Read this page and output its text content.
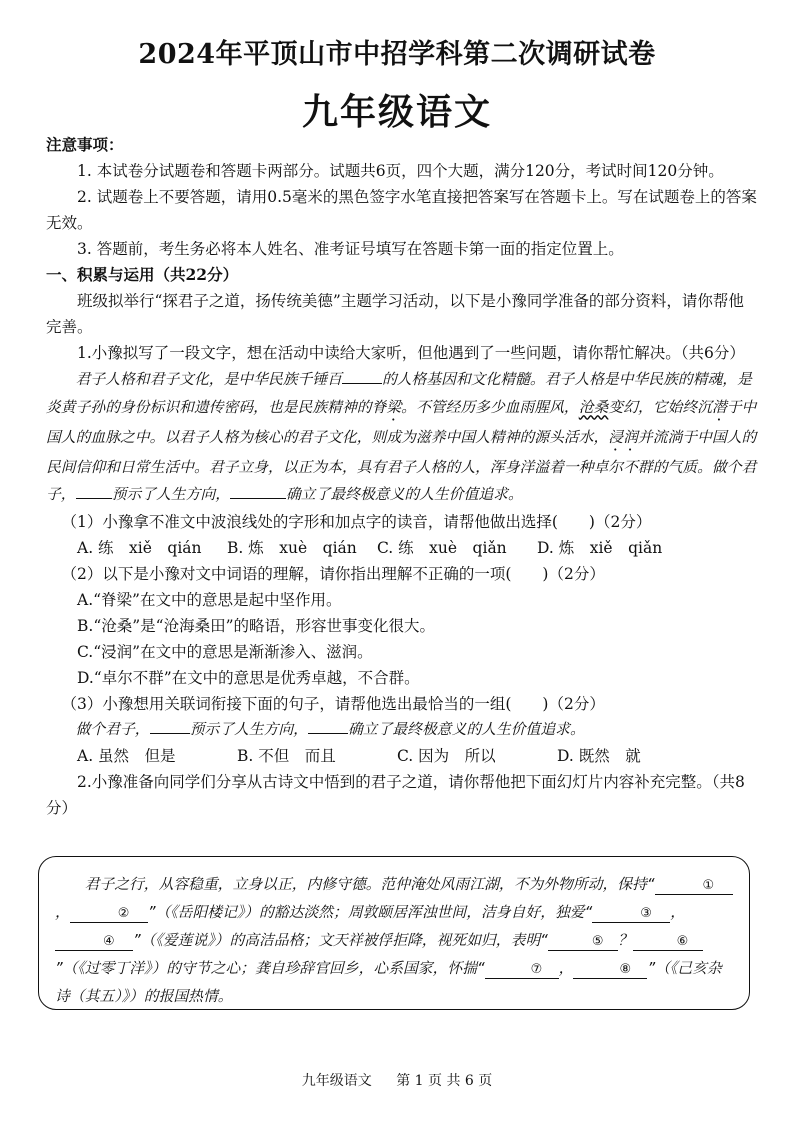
2024年平顶山市中招学科第二次调研试卷
九年级语文

注意事项：

1. 本试卷分试题卷和答题卡两部分。试题共6页，四个大题，满分120分，考试时间120分钟。

2. 试题卷上不要答题，请用0.5毫米的黑色签字水笔直接把答案写在答题卡上。写在试题卷上的答案无效。

3. 答题前，考生务必将本人姓名、准考证号填写在答题卡第一面的指定位置上。

一、积累与运用（共22分）

班级拟举行“探君子之道，扬传统美德”主题学习活动，以下是小豫同学准备的部分资料，请你帮他完善。

1.小豫拟写了一段文字，想在活动中读给大家听，但他遇到了一些问题，请你帮忙解决。（共6分）

君子人格和君子文化，是中华民族千锤百	的人格基因和文化精髓。君子人格是中华民族的精魂，是炎黄子孙的身份标识和遗传密码，也是民族精神的脊梁。不管经历多少血雨腥风，沧桑变幻，它始终沉潜于中国人的血脉之中。以君子人格为核心的君子文化，则成为滋养中国人精神的源头活水，浸润并流淌于中国人的民间信仰和日常生活中。君子立身，以正为本，具有君子人格的人，浑身洋溢着一种卓尔不群的气质。做个君子， 预示了人生方向，	确立了最终极意义的人生价值追求。

（1）小豫拿不准文中波浪线处的字形和加点字的读音，请帮他做出选择(　　)（2分）

A. 练　xiě　qián	B. 炼　xuè　qián	C. 练　xuè　qiǎn	D. 炼　xiě　qiǎn

（2）以下是小豫对文中词语的理解，请你指出理解不正确的一项(　　)（2分）

A.“脊梁”在文中的意思是起中坚作用。

B.“沧桑”是“沧海桑田”的略语，形容世事变化很大。

C.“浸润”在文中的意思是渐渐渗入、滋润。

D.“卓尔不群”在文中的意思是优秀卓越，不合群。

（3）小豫想用关联词衔接下面的句子，请帮他选出最恰当的一组(　　)（2分）

做个君子，	预示了人生方向，	确立了最终极意义的人生价值追求。

A. 虽然　但是	B. 不但　而且	C. 因为　所以	D. 既然　就

2.小豫准备向同学们分享从古诗文中悟到的君子之道，请你帮他把下面幻灯片内容补充完整。（共8分）

君子之行，从容稳重，立身以正，内修守德。范仲淹处风雨江湖，不为外物所动，保持“	①，	② ”（《岳阳楼记》）的豁达淡然；周敦颐居浑浊世间，洁身自好，独爱“	③ ，④ ”（《爱莲说》）的高洁品格；文天祥被俘拒降，视死如归，表明“	⑤ ？	⑥”（《过零丁洋》）的守节之心；龚自珍辞官回乡，心系国家，怀揣“	⑦ ，	⑧ ”（《己亥杂诗（其五）》）的报国热情。

九年级语文 第 1 页 共 6 页
